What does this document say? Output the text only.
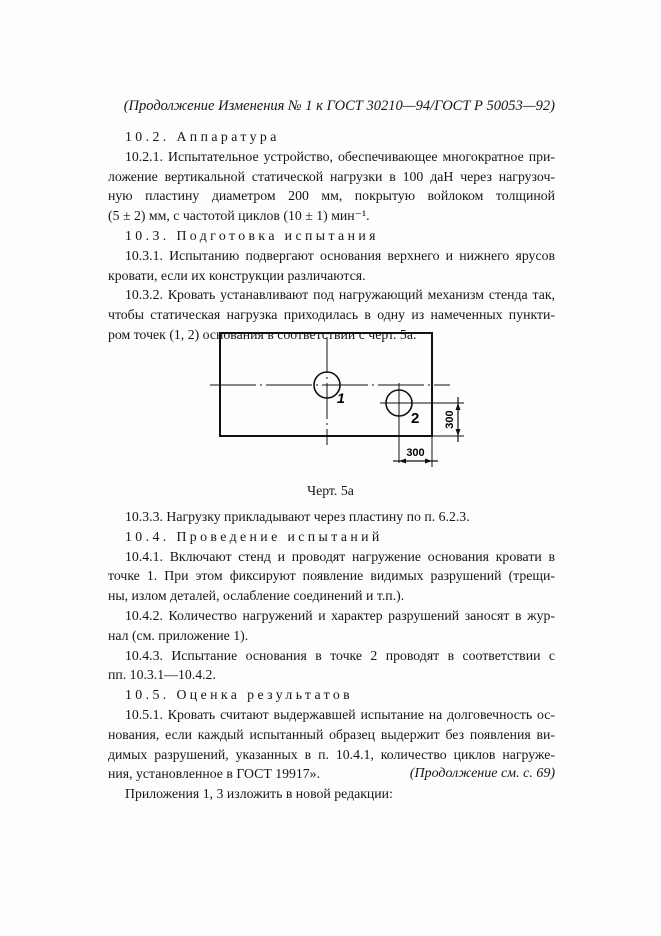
(Продолжение Изменения № 1 к ГОСТ 30210—94/ГОСТ Р 50053—92)

10.2. Аппаратура

10.2.1. Испытательное устройство, обеспечивающее многократное при-

ложение вертикальной статической нагрузки в 100 даН через нагрузоч-

ную пластину диаметром 200 мм, покрытую войлоком толщиной

(5 ± 2) мм, с частотой циклов (10 ± 1) мин⁻¹.

10.3. Подготовка испытания

10.3.1. Испытанию подвергают основания верхнего и нижнего ярусов

кровати, если их конструкции различаются.

10.3.2. Кровать устанавливают под нагружающий механизм стенда так,

чтобы статическая нагрузка приходилась в одну из намеченных пункти-

ром точек (1, 2) основания в соответствии с черт. 5а.

1
2 300
300
Черт. 5а

10.3.3. Нагрузку прикладывают через пластину по п. 6.2.3.

10.4. Проведение испытаний

10.4.1. Включают стенд и проводят нагружение основания кровати в

точке 1. При этом фиксируют появление видимых разрушений (трещи-

ны, излом деталей, ослабление соединений и т.п.).

10.4.2. Количество нагружений и характер разрушений заносят в жур-

нал (см. приложение 1).

10.4.3. Испытание основания в точке 2 проводят в соответствии с

пп. 10.3.1—10.4.2.

10.5. Оценка результатов

10.5.1. Кровать считают выдержавшей испытание на долговечность ос-

нования, если каждый испытанный образец выдержит без появления ви-

димых разрушений, указанных в п. 10.4.1, количество циклов нагруже-

ния, установленное в ГОСТ 19917».

Приложения 1, 3 изложить в новой редакции:

(Продолжение см. с. 69)
